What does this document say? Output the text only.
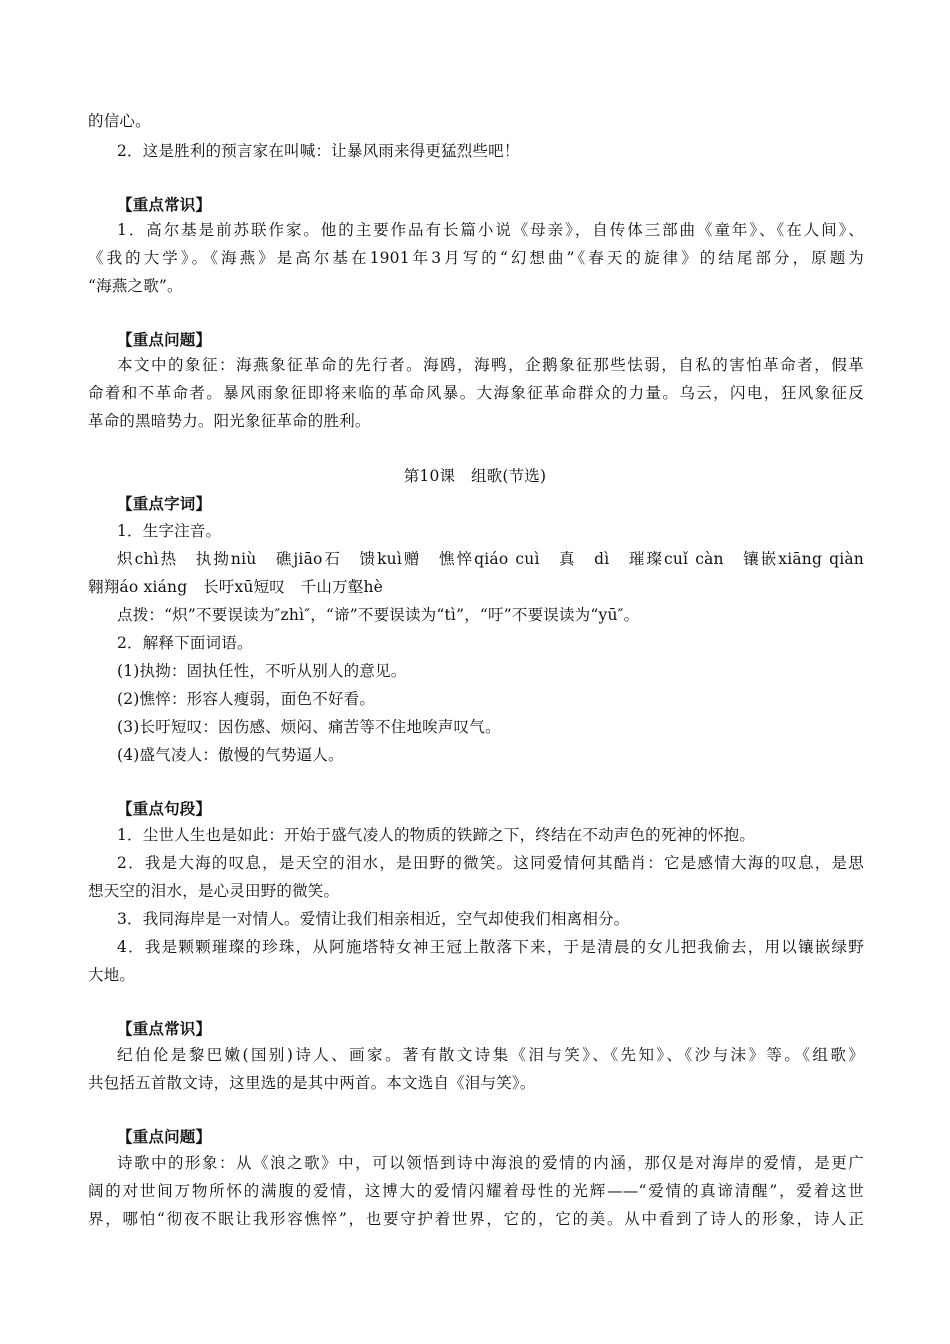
的信心。
2．这是胜利的预言家在叫喊：让暴风雨来得更猛烈些吧！
【重点常识】
1．高尔基是前苏联作家。他的主要作品有长篇小说《母亲》，自传体三部曲《童年》、《在人间》、
《我的大学》。《海燕》是高尔基在1901年3月写的“幻想曲”《春天的旋律》的结尾部分，原题为
“海燕之歌”。
【重点问题】
本文中的象征：海燕象征革命的先行者。海鸥，海鸭，企鹅象征那些怯弱，自私的害怕革命者，假革
命着和不革命者。暴风雨象征即将来临的革命风暴。大海象征革命群众的力量。乌云，闪电，狂风象征反
革命的黑暗势力。阳光象征革命的胜利。
第10课　组歌(节选)
【重点字词】
1．生字注音。
炽chì热　执拗niù　礁jiāo石　馈kuì赠　憔悴qiáo cuì　真　dì　璀璨cuǐ càn　镶嵌xiāng qiàn
翱翔áo xiáng　长吁xū短叹　千山万壑hè
点拨：“炽”不要误读为″zhì″，“谛”不要误读为“tì”，“吁”不要误读为“yū″。
2．解释下面词语。
(1)执拗：固执任性，不听从别人的意见。
(2)憔悴：形容人瘦弱，面色不好看。
(3)长吁短叹：因伤感、烦闷、痛苦等不住地唉声叹气。
(4)盛气凌人：傲慢的气势逼人。
【重点句段】
1．尘世人生也是如此：开始于盛气凌人的物质的铁蹄之下，终结在不动声色的死神的怀抱。
2．我是大海的叹息，是天空的泪水，是田野的微笑。这同爱情何其酷肖：它是感情大海的叹息，是思
想天空的泪水，是心灵田野的微笑。
3．我同海岸是一对情人。爱情让我们相亲相近，空气却使我们相离相分。
4．我是颗颗璀璨的珍珠，从阿施塔特女神王冠上散落下来，于是清晨的女儿把我偷去，用以镶嵌绿野
大地。
【重点常识】
纪伯伦是黎巴嫩(国别)诗人、画家。著有散文诗集《泪与笑》、《先知》、《沙与沫》等。《组歌》
共包括五首散文诗，这里选的是其中两首。本文选自《泪与笑》。
【重点问题】
诗歌中的形象：从《浪之歌》中，可以领悟到诗中海浪的爱情的内涵，那仅是对海岸的爱情，是更广
阔的对世间万物所怀的满腹的爱情，这博大的爱情闪耀着母性的光辉——“爱情的真谛清醒”，爱着这世
界，哪怕“彻夜不眠让我形容憔悴”，也要守护着世界，它的，它的美。从中看到了诗人的形象，诗人正
